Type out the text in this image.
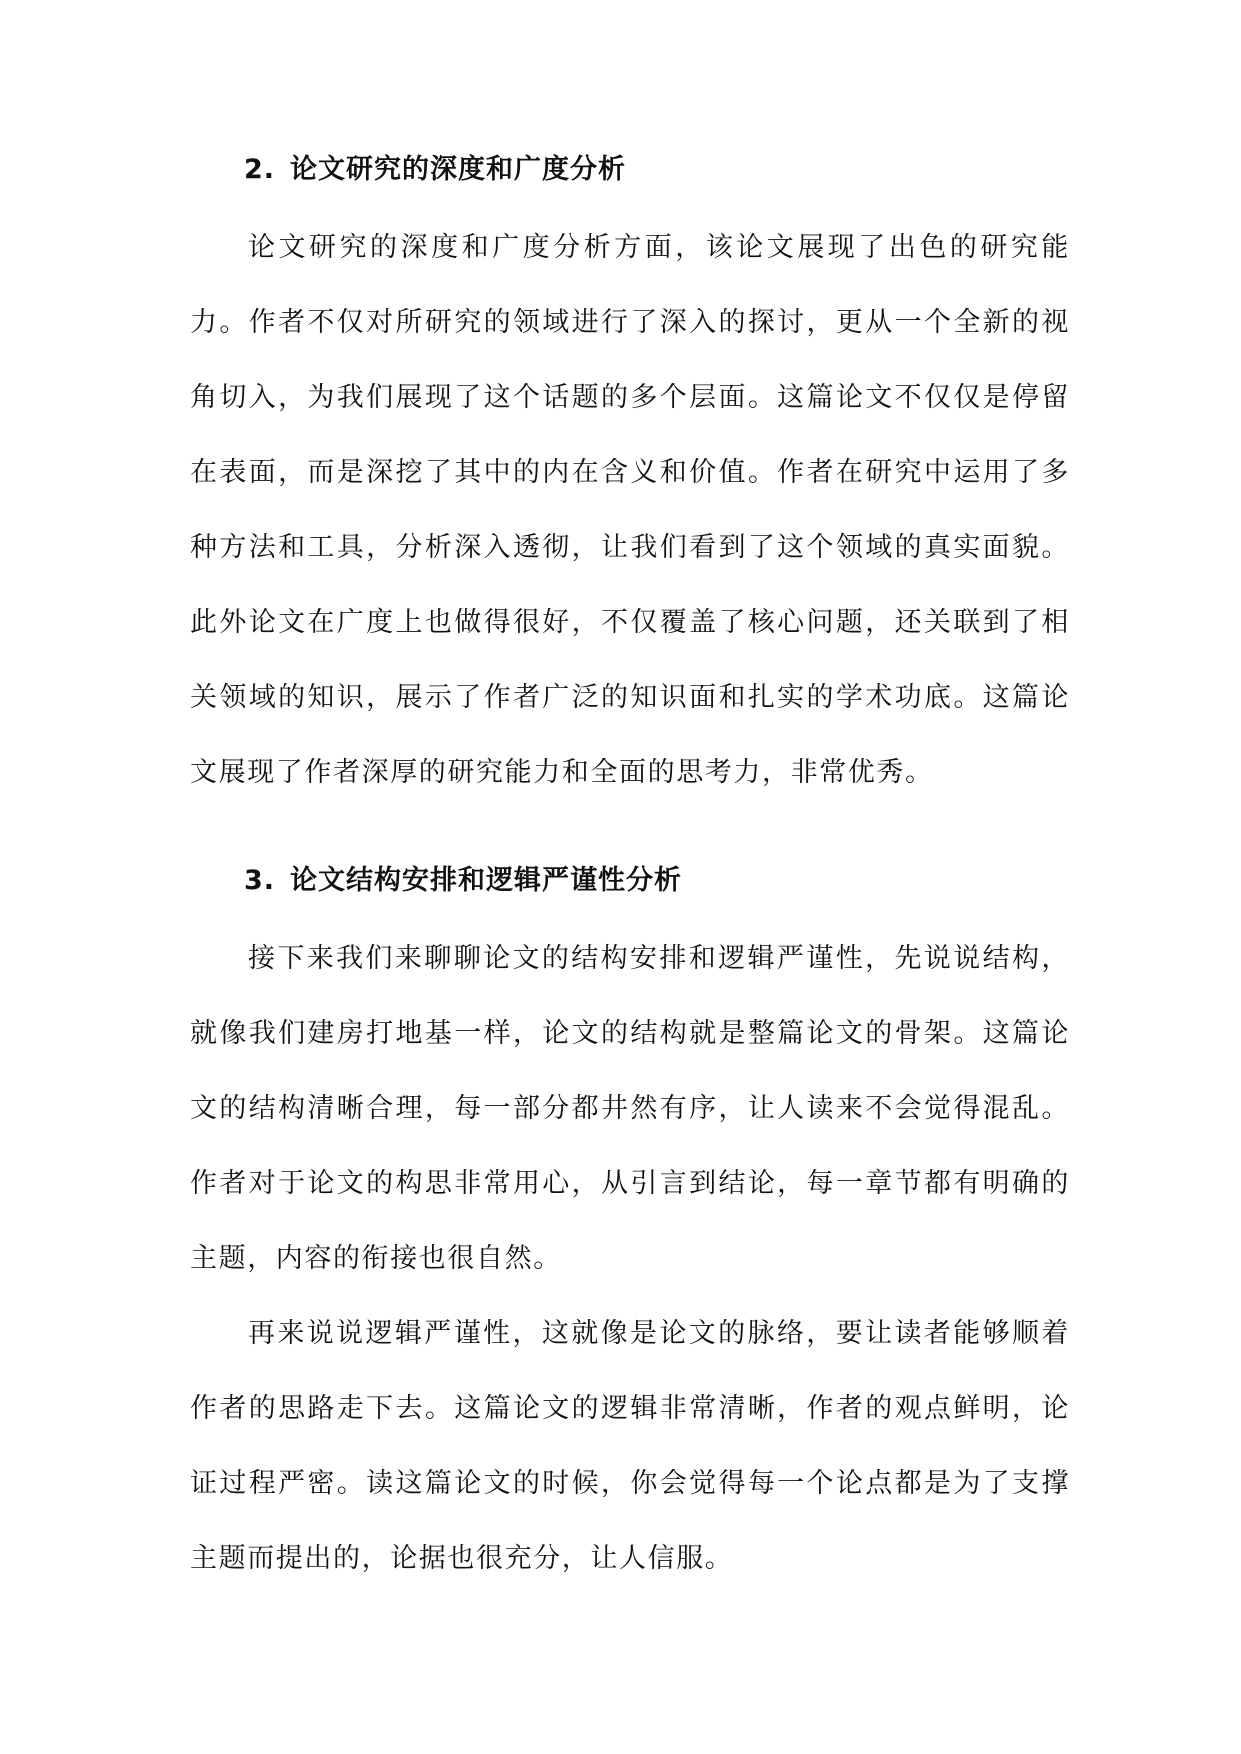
2. 论文研究的深度和广度分析

论文研究的深度和广度分析方面，该论文展现了出色的研究能力。作者不仅对所研究的领域进行了深入的探讨，更从一个全新的视角切入，为我们展现了这个话题的多个层面。这篇论文不仅仅是停留在表面，而是深挖了其中的内在含义和价值。作者在研究中运用了多种方法和工具，分析深入透彻，让我们看到了这个领域的真实面貌。此外论文在广度上也做得很好，不仅覆盖了核心问题，还关联到了相关领域的知识，展示了作者广泛的知识面和扎实的学术功底。这篇论文展现了作者深厚的研究能力和全面的思考力，非常优秀。

3. 论文结构安排和逻辑严谨性分析

接下来我们来聊聊论文的结构安排和逻辑严谨性，先说说结构，就像我们建房打地基一样，论文的结构就是整篇论文的骨架。这篇论文的结构清晰合理，每一部分都井然有序，让人读来不会觉得混乱。作者对于论文的构思非常用心，从引言到结论，每一章节都有明确的主题，内容的衔接也很自然。

再来说说逻辑严谨性，这就像是论文的脉络，要让读者能够顺着作者的思路走下去。这篇论文的逻辑非常清晰，作者的观点鲜明，论证过程严密。读这篇论文的时候，你会觉得每一个论点都是为了支撑主题而提出的，论据也很充分，让人信服。
